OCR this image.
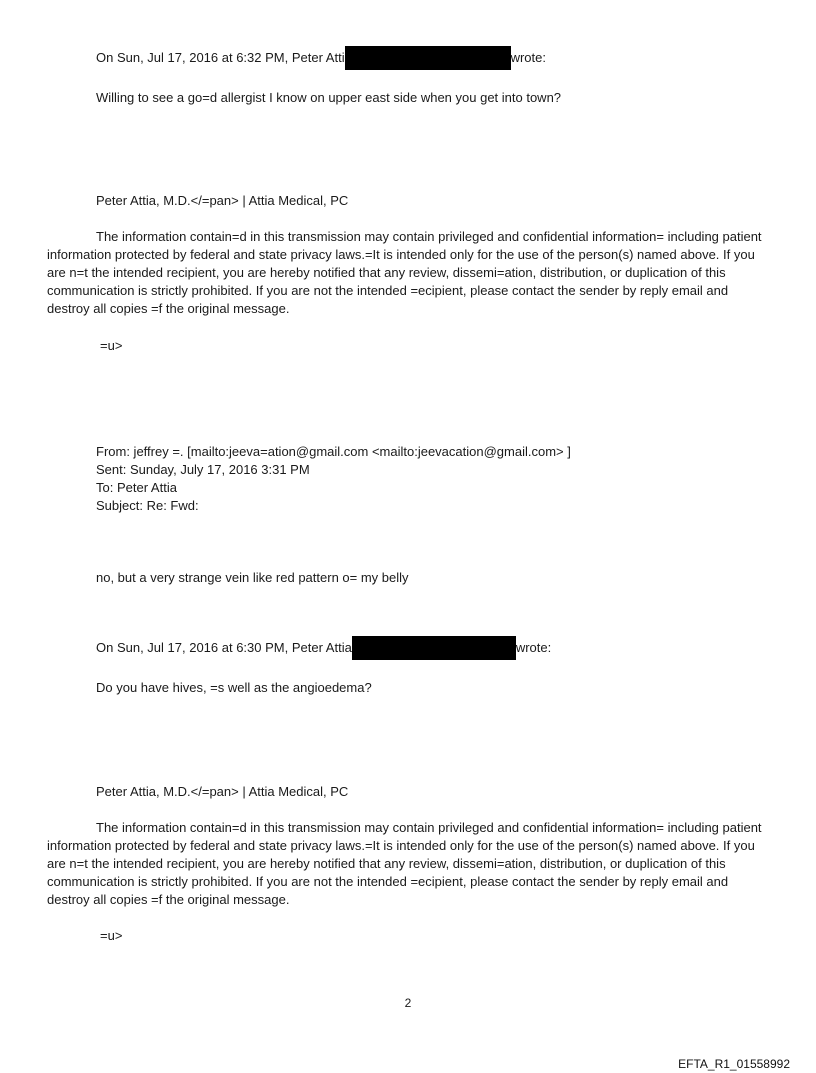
On Sun, Jul 17, 2016 at 6:32 PM, Peter Atti	wrote:
Willing to see a go=d allergist I know on upper east side when you get into town?
Peter Attia, M.D.</=pan> | Attia Medical, PC
The information contain=d in this transmission may contain privileged and confidential information= including patient information protected by federal and state privacy laws.=It is intended only for the use of the person(s) named above. If you are n=t the intended recipient, you are hereby notified that any review, dissemi=ation, distribution, or duplication of this communication is strictly prohibited. If you are not the intended =ecipient, please contact the sender by reply email and destroy all copies =f the original message.
=u>
From: jeffrey =. [mailto:jeeva=ation@gmail.com <mailto:jeevacation@gmail.com> ]
Sent: Sunday, July 17, 2016 3:31 PM
To: Peter Attia
Subject: Re: Fwd:
no, but a very strange vein like red pattern o= my belly
On Sun, Jul 17, 2016 at 6:30 PM, Peter Attia	wrote:
Do you have hives, =s well as the angioedema?
Peter Attia, M.D.</=pan> | Attia Medical, PC
The information contain=d in this transmission may contain privileged and confidential information= including patient information protected by federal and state privacy laws.=It is intended only for the use of the person(s) named above. If you are n=t the intended recipient, you are hereby notified that any review, dissemi=ation, distribution, or duplication of this communication is strictly prohibited. If you are not the intended =ecipient, please contact the sender by reply email and destroy all copies =f the original message.
=u>
2
EFTA_R1_01558992
